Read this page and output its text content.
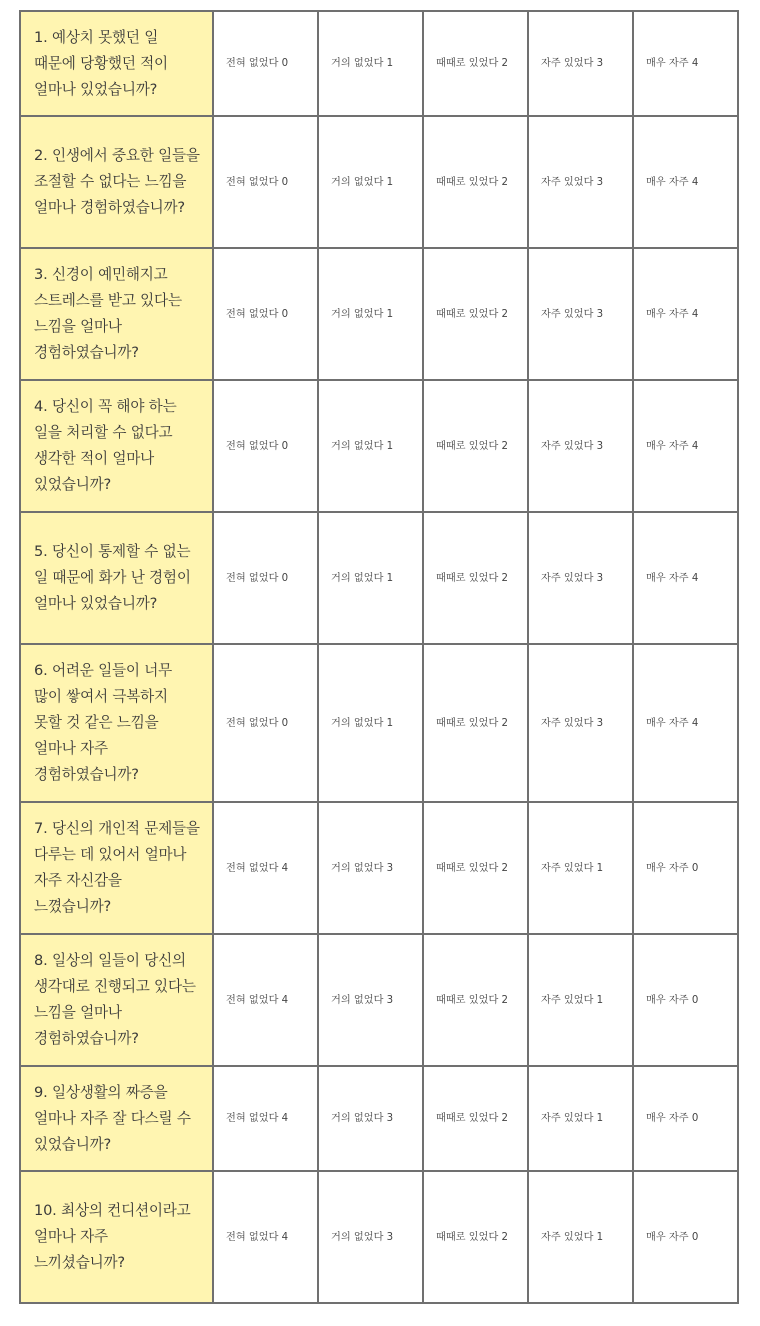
1. 예상치 못했던 일 때문에 당황했던 적이 얼마나 있었습니까?	전혀 없었다 0	거의 없었다 1	때때로 있었다 2	자주 있었다 3	매우 자주 4
2. 인생에서 중요한 일들을 조절할 수 없다는 느낌을 얼마나 경험하였습니까?	전혀 없었다 0	거의 없었다 1	때때로 있었다 2	자주 있었다 3	매우 자주 4
3. 신경이 예민해지고 스트레스를 받고 있다는 느낌을 얼마나 경험하였습니까?	전혀 없었다 0	거의 없었다 1	때때로 있었다 2	자주 있었다 3	매우 자주 4
4. 당신이 꼭 해야 하는 일을 처리할 수 없다고 생각한 적이 얼마나 있었습니까?	전혀 없었다 0	거의 없었다 1	때때로 있었다 2	자주 있었다 3	매우 자주 4
5. 당신이 통제할 수 없는 일 때문에 화가 난 경험이 얼마나 있었습니까?	전혀 없었다 0	거의 없었다 1	때때로 있었다 2	자주 있었다 3	매우 자주 4
6. 어려운 일들이 너무 많이 쌓여서 극복하지 못할 것 같은 느낌을 얼마나 자주 경험하였습니까?	전혀 없었다 0	거의 없었다 1	때때로 있었다 2	자주 있었다 3	매우 자주 4
7. 당신의 개인적 문제들을 다루는 데 있어서 얼마나 자주 자신감을 느꼈습니까?	전혀 없었다 4	거의 없었다 3	때때로 있었다 2	자주 있었다 1	매우 자주 0
8. 일상의 일들이 당신의 생각대로 진행되고 있다는 느낌을 얼마나 경험하였습니까?	전혀 없었다 4	거의 없었다 3	때때로 있었다 2	자주 있었다 1	매우 자주 0
9. 일상생활의 짜증을 얼마나 자주 잘 다스릴 수 있었습니까?	전혀 없었다 4	거의 없었다 3	때때로 있었다 2	자주 있었다 1	매우 자주 0
10. 최상의 컨디션이라고 얼마나 자주 느끼셨습니까?	전혀 없었다 4	거의 없었다 3	때때로 있었다 2	자주 있었다 1	매우 자주 0
